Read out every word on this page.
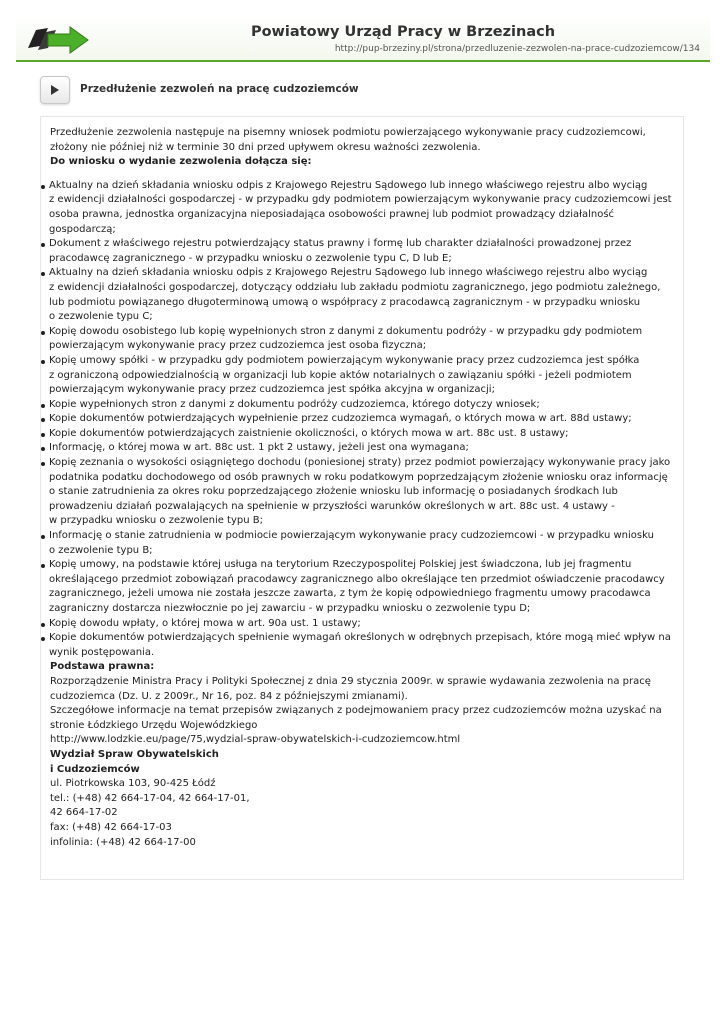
Powiatowy Urząd Pracy w Brzezinach
http://pup-brzeziny.pl/strona/przedluzenie-zezwolen-na-prace-cudzoziemcow/134
Przedłużenie zezwoleń na pracę cudzoziemców

Przedłużenie zezwolenia następuje na pisemny wniosek podmiotu powierzającego wykonywanie pracy cudzoziemcowi,
złożony nie później niż w terminie 30 dni przed upływem okresu ważności zezwolenia.
Do wniosku o wydanie zezwolenia dołącza się:

Aktualny na dzień składania wniosku odpis z Krajowego Rejestru Sądowego lub innego właściwego rejestru albo wyciąg
z ewidencji działalności gospodarczej - w przypadku gdy podmiotem powierzającym wykonywanie pracy cudzoziemcowi jest
osoba prawna, jednostka organizacyjna nieposiadająca osobowości prawnej lub podmiot prowadzący działalność
gospodarczą;
Dokument z właściwego rejestru potwierdzający status prawny i formę lub charakter działalności prowadzonej przez
pracodawcę zagranicznego - w przypadku wniosku o zezwolenie typu C, D lub E;
Aktualny na dzień składania wniosku odpis z Krajowego Rejestru Sądowego lub innego właściwego rejestru albo wyciąg
z ewidencji działalności gospodarczej, dotyczący oddziału lub zakładu podmiotu zagranicznego, jego podmiotu zależnego,
lub podmiotu powiązanego długoterminową umową o współpracy z pracodawcą zagranicznym - w przypadku wniosku
o zezwolenie typu C;
Kopię dowodu osobistego lub kopię wypełnionych stron z danymi z dokumentu podróży - w przypadku gdy podmiotem
powierzającym wykonywanie pracy przez cudzoziemca jest osoba fizyczna;
Kopię umowy spółki - w przypadku gdy podmiotem powierzającym wykonywanie pracy przez cudzoziemca jest spółka
z ograniczoną odpowiedzialnością w organizacji lub kopie aktów notarialnych o zawiązaniu spółki - jeżeli podmiotem
powierzającym wykonywanie pracy przez cudzoziemca jest spółka akcyjna w organizacji;
Kopie wypełnionych stron z danymi z dokumentu podróży cudzoziemca, którego dotyczy wniosek;
Kopie dokumentów potwierdzających wypełnienie przez cudzoziemca wymagań, o których mowa w art. 88d ustawy;
Kopie dokumentów potwierdzających zaistnienie okoliczności, o których mowa w art. 88c ust. 8 ustawy;
Informację, o której mowa w art. 88c ust. 1 pkt 2 ustawy, jeżeli jest ona wymagana;
Kopię zeznania o wysokości osiągniętego dochodu (poniesionej straty) przez podmiot powierzający wykonywanie pracy jako
podatnika podatku dochodowego od osób prawnych w roku podatkowym poprzedzającym złożenie wniosku oraz informację
o stanie zatrudnienia za okres roku poprzedzającego złożenie wniosku lub informację o posiadanych środkach lub
prowadzeniu działań pozwalających na spełnienie w przyszłości warunków określonych w art. 88c ust. 4 ustawy -
w przypadku wniosku o zezwolenie typu B;
Informację o stanie zatrudnienia w podmiocie powierzającym wykonywanie pracy cudzoziemcowi - w przypadku wniosku
o zezwolenie typu B;
Kopię umowy, na podstawie której usługa na terytorium Rzeczypospolitej Polskiej jest świadczona, lub jej fragmentu
określającego przedmiot zobowiązań pracodawcy zagranicznego albo określające ten przedmiot oświadczenie pracodawcy
zagranicznego, jeżeli umowa nie została jeszcze zawarta, z tym że kopię odpowiedniego fragmentu umowy pracodawca
zagraniczny dostarcza niezwłocznie po jej zawarciu - w przypadku wniosku o zezwolenie typu D;
Kopię dowodu wpłaty, o której mowa w art. 90a ust. 1 ustawy;
Kopie dokumentów potwierdzających spełnienie wymagań określonych w odrębnych przepisach, które mogą mieć wpływ na
wynik postępowania.

Podstawa prawna:
Rozporządzenie Ministra Pracy i Polityki Społecznej z dnia 29 stycznia 2009r. w sprawie wydawania zezwolenia na pracę
cudzoziemca (Dz. U. z 2009r., Nr 16, poz. 84 z późniejszymi zmianami).
Szczegółowe informacje na temat przepisów związanych z podejmowaniem pracy przez cudzoziemców można uzyskać na
stronie Łódzkiego Urzędu Wojewódzkiego
http://www.lodzkie.eu/page/75,wydzial-spraw-obywatelskich-i-cudzoziemcow.html
Wydział Spraw Obywatelskich
i Cudzoziemców
ul. Piotrkowska 103, 90-425 Łódź
tel.: (+48) 42 664-17-04, 42 664-17-01,
42 664-17-02
fax: (+48) 42 664-17-03
infolinia: (+48) 42 664-17-00
